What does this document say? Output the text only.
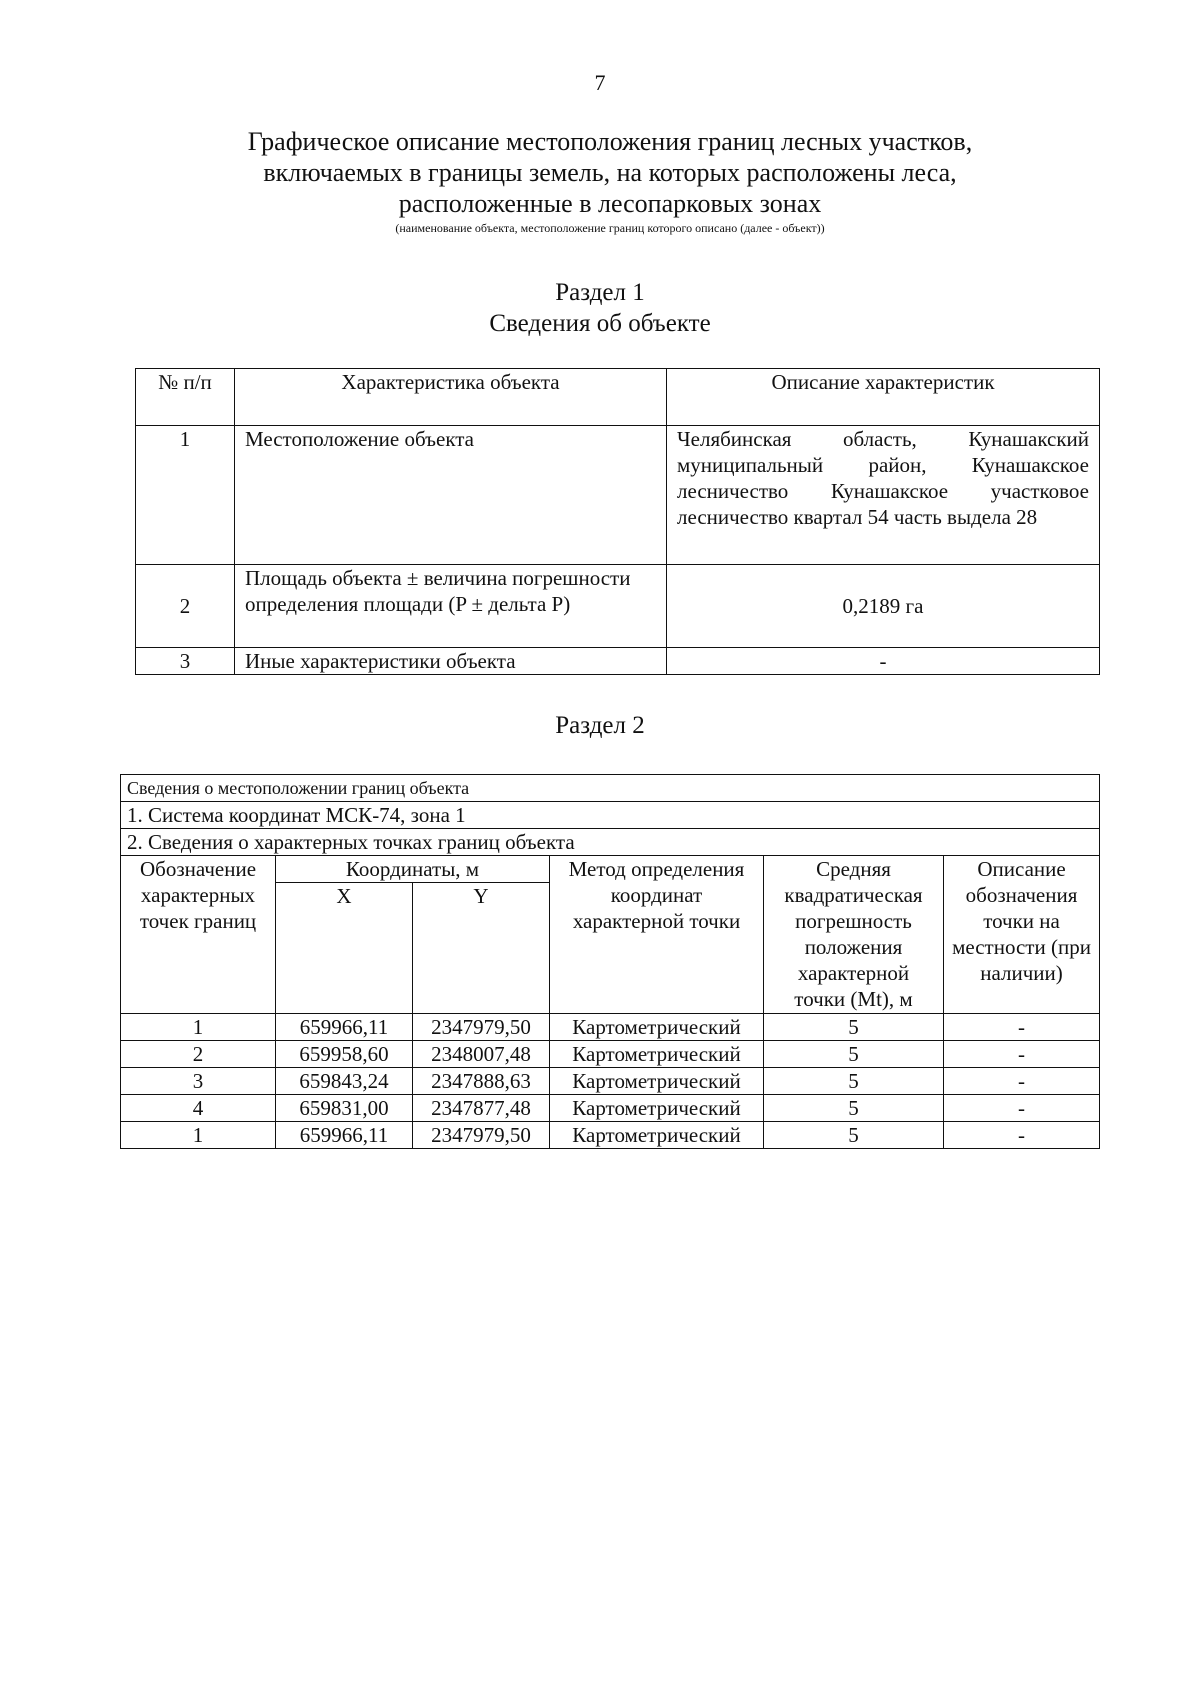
7
Графическое описание местоположения границ лесных участков,
включаемых в границы земель, на которых расположены леса,
расположенные в лесопарковых зонах
(наименование объекта, местоположение границ которого описано (далее - объект))
Раздел 1
Сведения об объекте
№ п/п	Характеристика объекта	Описание характеристик
1	Местоположение объекта	Челябинская область, Кунашакский муниципальный район, Кунашакское лесничество Кунашакское участковое лесничество квартал 54 часть выдела 28
2	Площадь объекта ± величина погрешности определения площади (P ± дельта P)	0,2189 га
3	Иные характеристики объекта	-
Раздел 2
Сведения о местоположении границ объекта					
1. Система координат МСК-74, зона 1					
2. Сведения о характерных точках границ объекта					
Обозначение характерных точек границ	Координаты, м		Метод определения координат характерной точки	Средняя квадратическая погрешность положения характерной точки (Mt), м	Описание обозначения точки на местности (при наличии)
	X	Y			
1	659966,11	2347979,50	Картометрический	5	-
2	659958,60	2348007,48	Картометрический	5	-
3	659843,24	2347888,63	Картометрический	5	-
4	659831,00	2347877,48	Картометрический	5	-
1	659966,11	2347979,50	Картометрический	5	-
